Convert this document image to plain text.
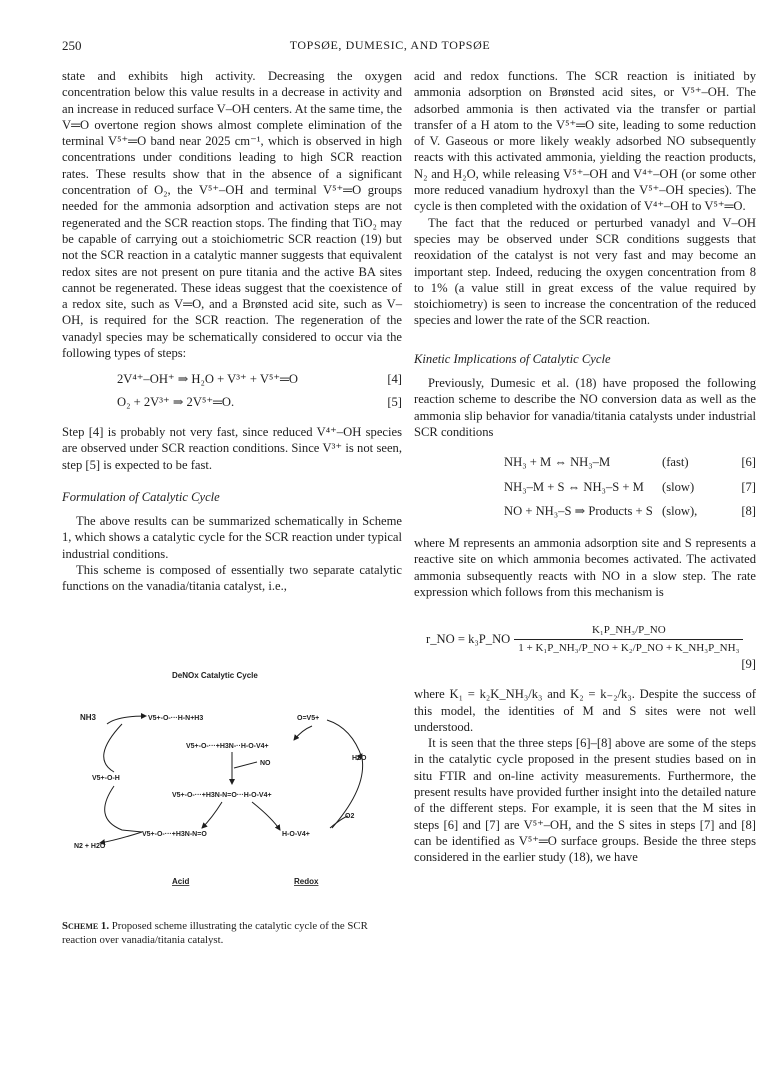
250	TOPSØE, DUMESIC, AND TOPSØE

state and exhibits high activity. Decreasing the oxygen concentration below this value results in a decrease in activity and an increase in reduced surface V–OH centers. At the same time, the V═O overtone region shows almost complete elimination of the terminal V⁵⁺═O band near 2025 cm⁻¹, which is observed in high concentrations under conditions leading to high SCR reaction rates. These results show that in the absence of a significant concentration of O₂, the V⁵⁺–OH and terminal V⁵⁺═O groups needed for the ammonia adsorption and activation steps are not regenerated and the SCR reaction stops. The finding that TiO₂ may be capable of carrying out a stoichiometric SCR reaction (19) but not the SCR reaction in a catalytic manner suggests that equivalent redox sites are not present on pure titania and the active BA sites cannot be regenerated. These ideas suggest that the coexistence of a redox site, such as V═O, and a Brønsted acid site, such as V–OH, is required for the SCR reaction. The regeneration of the vanadyl species may be schematically considered to occur via the following types of steps:

2V⁴⁺–OH⁺ ⇒ H₂O + V³⁺ + V⁵⁺═O	[4]
O₂ + 2V³⁺ ⇒ 2V⁵⁺═O.	[5]

Step [4] is probably not very fast, since reduced V⁴⁺–OH species are observed under SCR reaction conditions. Since V³⁺ is not seen, step [5] is expected to be fast.

Formulation of Catalytic Cycle

The above results can be summarized schematically in Scheme 1, which shows a catalytic cycle for the SCR reaction under typical industrial conditions.

This scheme is composed of essentially two separate catalytic functions on the vanadia/titania catalyst, i.e.,

DeNOx Catalytic Cycle
NH3	V5+-O-···H-N+H3	O=V5+
V5+-O-···+H3N-··H-O-V4+
NO
H2O
V5+-O-H
V5+-O-···+H3N-N=O···H-O-V4+
O2
V5+-O-···+H3N-N=O	H-O-V4+
N2 + H2O
Acid	Redox
Scheme 1. Proposed scheme illustrating the catalytic cycle of the SCR reaction over vanadia/titania catalyst.

acid and redox functions. The SCR reaction is initiated by ammonia adsorption on Brønsted acid sites, or V⁵⁺–OH. The adsorbed ammonia is then activated via the transfer or partial transfer of a H atom to the V⁵⁺═O site, leading to some reduction of V. Gaseous or more likely weakly adsorbed NO subsequently reacts with this activated ammonia, yielding the reaction products, N₂ and H₂O, while releasing V⁵⁺–OH and V⁴⁺–OH (or some other more reduced vanadium hydroxyl than the V⁵⁺–OH species). The cycle is then completed with the oxidation of V⁴⁺–OH to V⁵⁺═O.

The fact that the reduced or perturbed vanadyl and V–OH species may be observed under SCR conditions suggests that reoxidation of the catalyst is not very fast and may become an important step. Indeed, reducing the oxygen concentration from 8 to 1% (a value still in great excess of the value required by stoichiometry) is seen to increase the concentration of the reduced species and lower the rate of the SCR reaction.

Kinetic Implications of Catalytic Cycle

Previously, Dumesic et al. (18) have proposed the following reaction scheme to describe the NO conversion data as well as the ammonia slip behavior for vanadia/titania catalysts under industrial SCR conditions

NH₃ + M ⇔ NH₃–M	(fast)	[6]
NH₃–M + S ⇔ NH₃–S + M	(slow)	[7]
NO + NH₃–S ⇒ Products + S (slow),	[8]

where M represents an ammonia adsorption site and S represents a reactive site on which ammonia becomes activated. The activated ammonia subsequently reacts with NO in a slow step. The rate expression which follows from this mechanism is

r_NO = k₃P_NO $\frac{\text{K₁P\_NH₃/P\_NO}}{\text{1 + K₁P\_NH₃/P\_NO + K₂/P\_NO + K\_NH₃P\_NH₃}}$
[9]

where K₁ = k₂K_NH₃/k₃ and K₂ = k₋₂/k₃. Despite the success of this model, the identities of M and S sites were not well understood.

It is seen that the three steps [6]–[8] above are some of the steps in the catalytic cycle proposed in the present studies based on in situ FTIR and on-line activity measurements. Furthermore, the present results have provided further insight into the detailed nature of the different steps. For example, it is seen that the M sites in steps [6] and [7] are V⁵⁺–OH, and the S sites in steps [7] and [8] can be identified as V⁵⁺═O surface groups. Beside the three steps considered in the earlier study (18), we have
